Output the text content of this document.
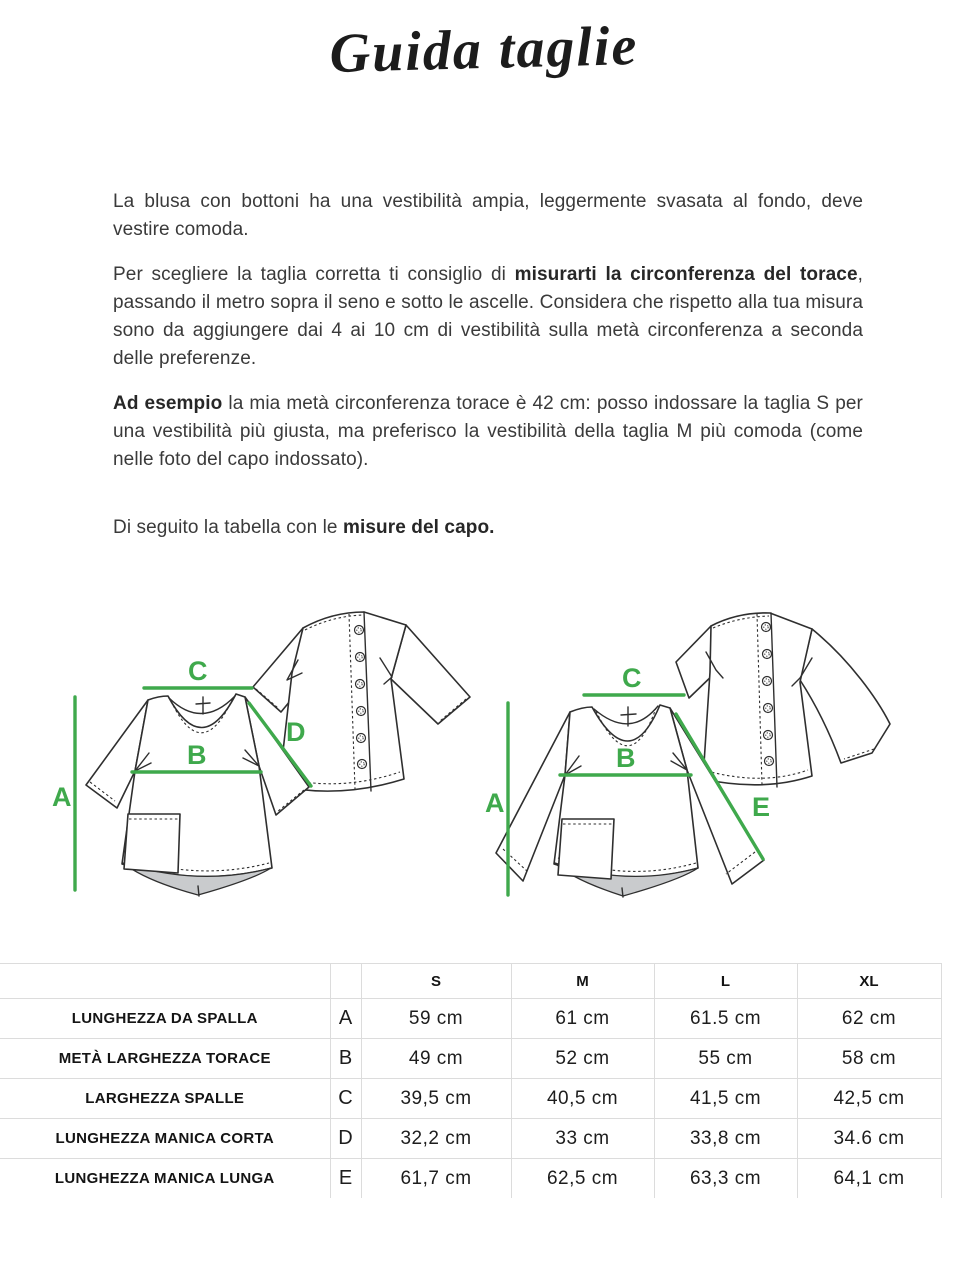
Guida taglie

La blusa con bottoni ha una vestibilità ampia, leggermente svasata al fondo, deve vestire comoda.

Per scegliere la taglia corretta ti consiglio di misurarti la circonferenza del torace, passando il metro sopra il seno e sotto le ascelle. Considera che rispetto alla tua misura sono da aggiungere dai 4 ai 10 cm di vestibilità sulla metà circonferenza a seconda delle preferenze.

Ad esempio la mia metà circonferenza torace è 42 cm: posso indossare la taglia S per una vestibilità più giusta, ma preferisco la vestibilità della taglia M più comoda (come nelle foto del capo indossato).

Di seguito la tabella con le misure del capo.

A
C
B
D
A
C
B
E
		S	M	L	XL
LUNGHEZZA DA SPALLA	A	59 cm	61 cm	61.5 cm	62 cm
METÀ LARGHEZZA TORACE	B	49 cm	52 cm	55 cm	58 cm
LARGHEZZA SPALLE	C	39,5 cm	40,5 cm	41,5 cm	42,5 cm
LUNGHEZZA MANICA CORTA	D	32,2 cm	33 cm	33,8 cm	34.6 cm
LUNGHEZZA MANICA LUNGA	E	61,7 cm	62,5 cm	63,3 cm	64,1 cm
